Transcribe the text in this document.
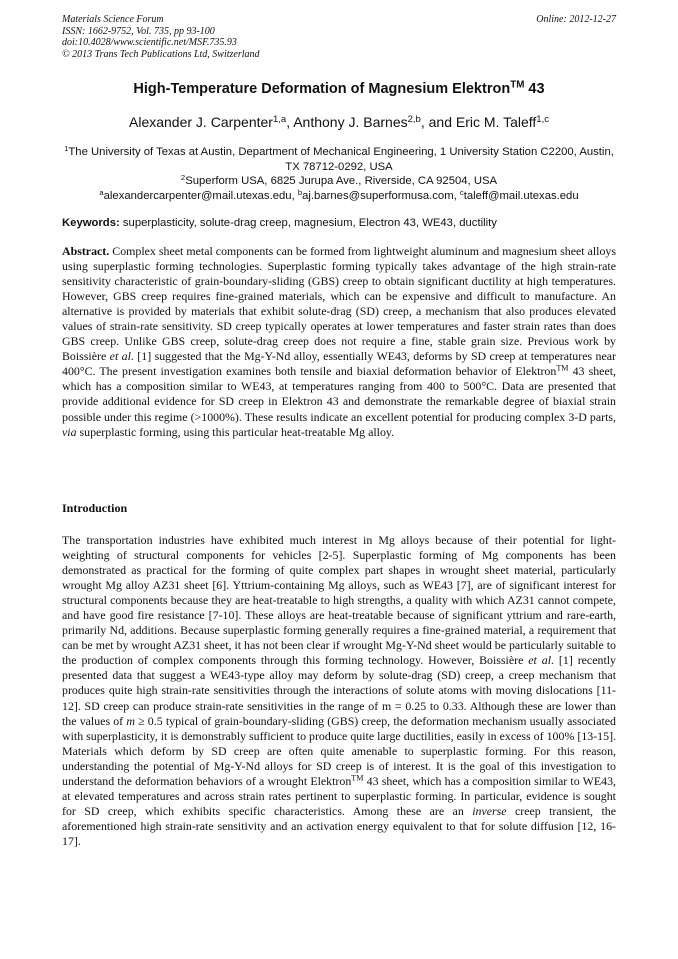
Materials Science Forum
ISSN: 1662-9752, Vol. 735, pp 93-100
doi:10.4028/www.scientific.net/MSF.735.93
© 2013 Trans Tech Publications Ltd, Switzerland
Online: 2012-12-27
High-Temperature Deformation of Magnesium Elektron™ 43
Alexander J. Carpenter$^{1,a}$, Anthony J. Barnes$^{2,b}$, and Eric M. Taleff$^{1,c}$
$^1$The University of Texas at Austin, Department of Mechanical Engineering, 1 University Station C2200, Austin, TX 78712-0292, USA
$^2$Superform USA, 6825 Jurupa Ave., Riverside, CA 92504, USA
$^a$alexandercarpenter@mail.utexas.edu, $^b$aj.barnes@superformusa.com, $^c$taleff@mail.utexas.edu
Keywords: superplasticity, solute-drag creep, magnesium, Electron 43, WE43, ductility
Abstract. Complex sheet metal components can be formed from lightweight aluminum and magnesium sheet alloys using superplastic forming technologies. Superplastic forming typically takes advantage of the high strain-rate sensitivity characteristic of grain-boundary-sliding (GBS) creep to obtain significant ductility at high temperatures. However, GBS creep requires fine-grained materials, which can be expensive and difficult to manufacture. An alternative is provided by materials that exhibit solute-drag (SD) creep, a mechanism that also produces elevated values of strain-rate sensitivity. SD creep typically operates at lower temperatures and faster strain rates than does GBS creep. Unlike GBS creep, solute-drag creep does not require a fine, stable grain size. Previous work by Boissière et al. [1] suggested that the Mg-Y-Nd alloy, essentially WE43, deforms by SD creep at temperatures near 400°C. The present investigation examines both tensile and biaxial deformation behavior of Elektron™ 43 sheet, which has a composition similar to WE43, at temperatures ranging from 400 to 500°C. Data are presented that provide additional evidence for SD creep in Elektron 43 and demonstrate the remarkable degree of biaxial strain possible under this regime (>1000%). These results indicate an excellent potential for producing complex 3-D parts, via superplastic forming, using this particular heat-treatable Mg alloy.
Introduction
The transportation industries have exhibited much interest in Mg alloys because of their potential for light-weighting of structural components for vehicles [2-5]. Superplastic forming of Mg components has been demonstrated as practical for the forming of quite complex part shapes in wrought sheet material, particularly wrought Mg alloy AZ31 sheet [6]. Yttrium-containing Mg alloys, such as WE43 [7], are of significant interest for structural components because they are heat-treatable to high strengths, a quality with which AZ31 cannot compete, and have good fire resistance [7-10]. These alloys are heat-treatable because of significant yttrium and rare-earth, primarily Nd, additions. Because superplastic forming generally requires a fine-grained material, a requirement that can be met by wrought AZ31 sheet, it has not been clear if wrought Mg-Y-Nd sheet would be particularly suitable to the production of complex components through this forming technology. However, Boissière et al. [1] recently presented data that suggest a WE43-type alloy may deform by solute-drag (SD) creep, a creep mechanism that produces quite high strain-rate sensitivities through the interactions of solute atoms with moving dislocations [11-12]. SD creep can produce strain-rate sensitivities in the range of m = 0.25 to 0.33. Although these are lower than the values of m ≥ 0.5 typical of grain-boundary-sliding (GBS) creep, the deformation mechanism usually associated with superplasticity, it is demonstrably sufficient to produce quite large ductilities, easily in excess of 100% [13-15]. Materials which deform by SD creep are often quite amenable to superplastic forming. For this reason, understanding the potential of Mg-Y-Nd alloys for SD creep is of interest. It is the goal of this investigation to understand the deformation behaviors of a wrought Elektron™ 43 sheet, which has a composition similar to WE43, at elevated temperatures and across strain rates pertinent to superplastic forming. In particular, evidence is sought for SD creep, which exhibits specific characteristics. Among these are an inverse creep transient, the aforementioned high strain-rate sensitivity and an activation energy equivalent to that for solute diffusion [12, 16-17].
